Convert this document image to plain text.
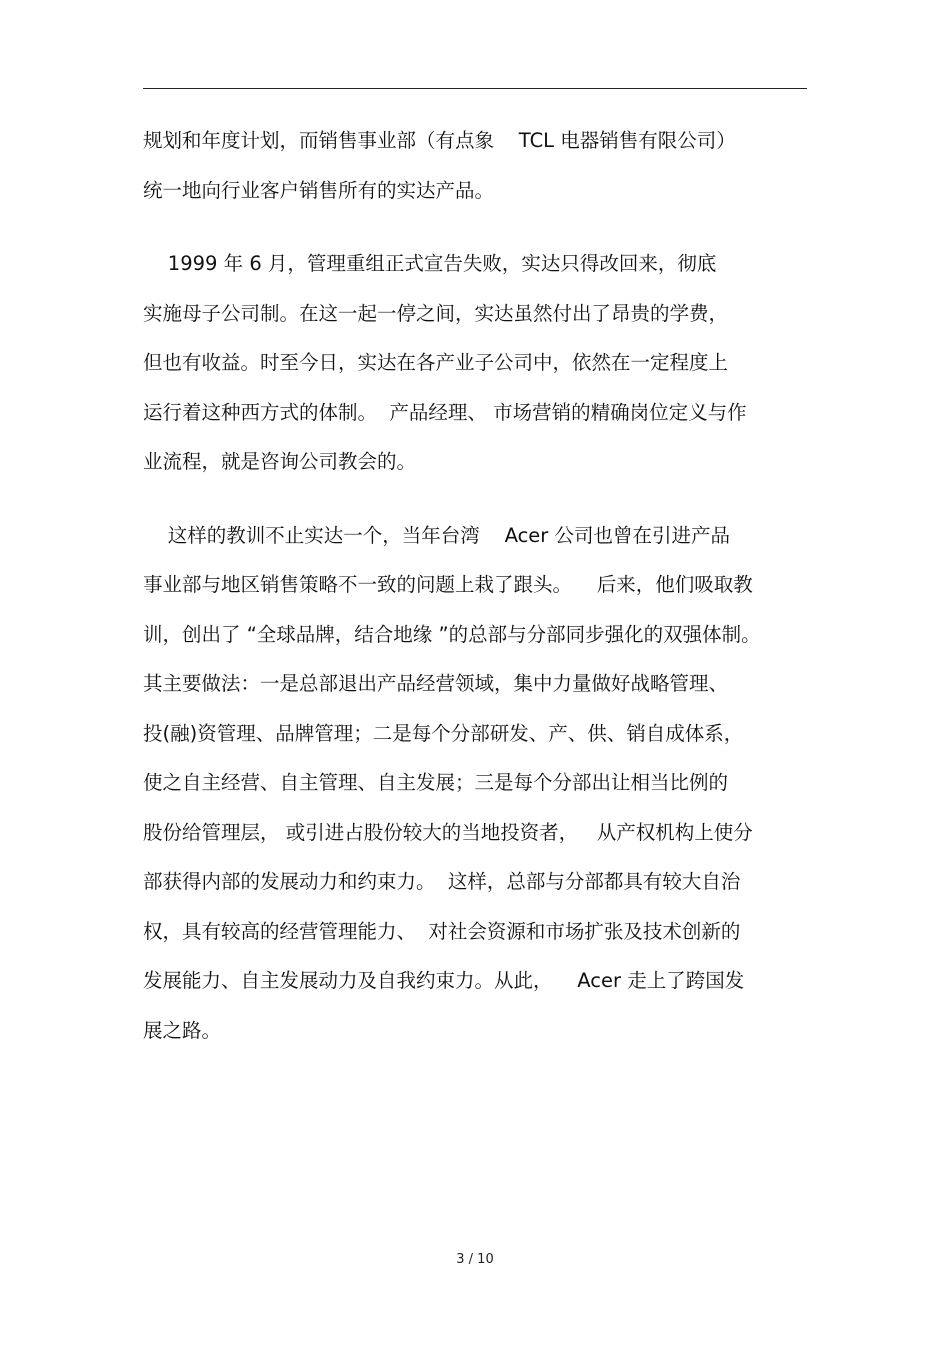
规划和年度计划，而销售事业部（有点象    TCL 电器销售有限公司）
统一地向行业客户销售所有的实达产品。
1999 年 6 月，管理重组正式宣告失败，实达只得改回来，彻底
实施母子公司制。在这一起一停之间，实达虽然付出了昂贵的学费，
但也有收益。时至今日，实达在各产业子公司中，依然在一定程度上
运行着这种西方式的体制。  产品经理、 市场营销的精确岗位定义与作
业流程，就是咨询公司教会的。
这样的教训不止实达一个，当年台湾    Acer 公司也曾在引进产品
事业部与地区销售策略不一致的问题上栽了跟头。    后来，他们吸取教
训，创出了 “全球品牌，结合地缘 ”的总部与分部同步强化的双强体制。
其主要做法：一是总部退出产品经营领域，集中力量做好战略管理、
投(融)资管理、品牌管理；二是每个分部研发、产、供、销自成体系，
使之自主经营、自主管理、自主发展；三是每个分部出让相当比例的
股份给管理层， 或引进占股份较大的当地投资者，   从产权机构上使分
部获得内部的发展动力和约束力。  这样，总部与分部都具有较大自治
权，具有较高的经营管理能力、  对社会资源和市场扩张及技术创新的
发展能力、自主发展动力及自我约束力。从此，    Acer 走上了跨国发
展之路。
3 / 10
